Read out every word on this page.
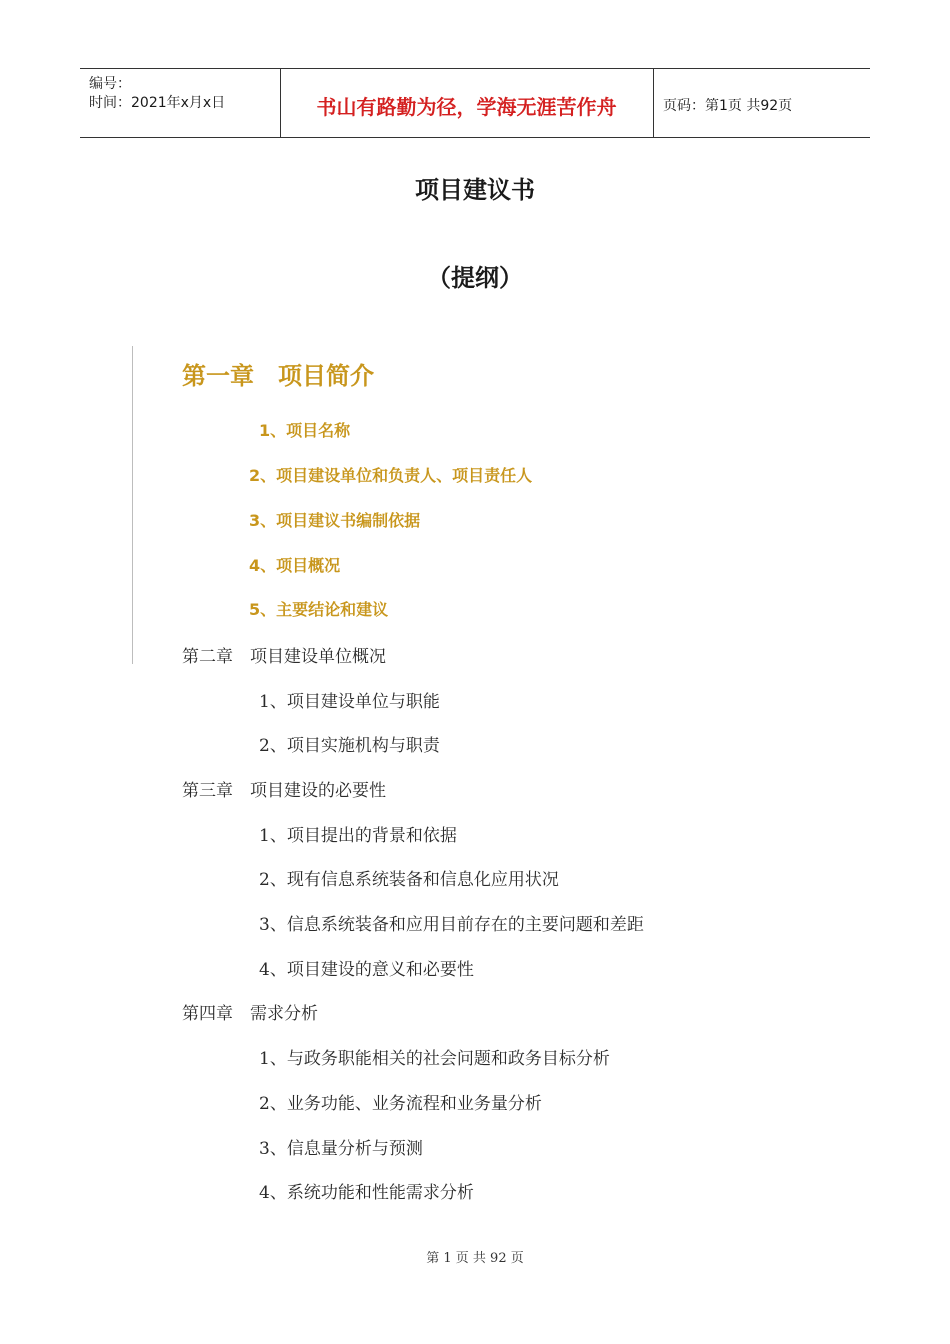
编号：
时间：2021年x月x日	书山有路勤为径，学海无涯苦作舟	页码：第1页 共92页
项目建议书
（提纲）
第一章　项目简介
1、项目名称
2、项目建设单位和负责人、项目责任人
3、项目建议书编制依据
4、项目概况
5、主要结论和建议
第二章　项目建设单位概况
1、项目建设单位与职能
2、项目实施机构与职责
第三章　项目建设的必要性
1、项目提出的背景和依据
2、现有信息系统装备和信息化应用状况
3、信息系统装备和应用目前存在的主要问题和差距
4、项目建设的意义和必要性
第四章　需求分析
1、与政务职能相关的社会问题和政务目标分析
2、业务功能、业务流程和业务量分析
3、信息量分析与预测
4、系统功能和性能需求分析
第 1 页 共 92 页
